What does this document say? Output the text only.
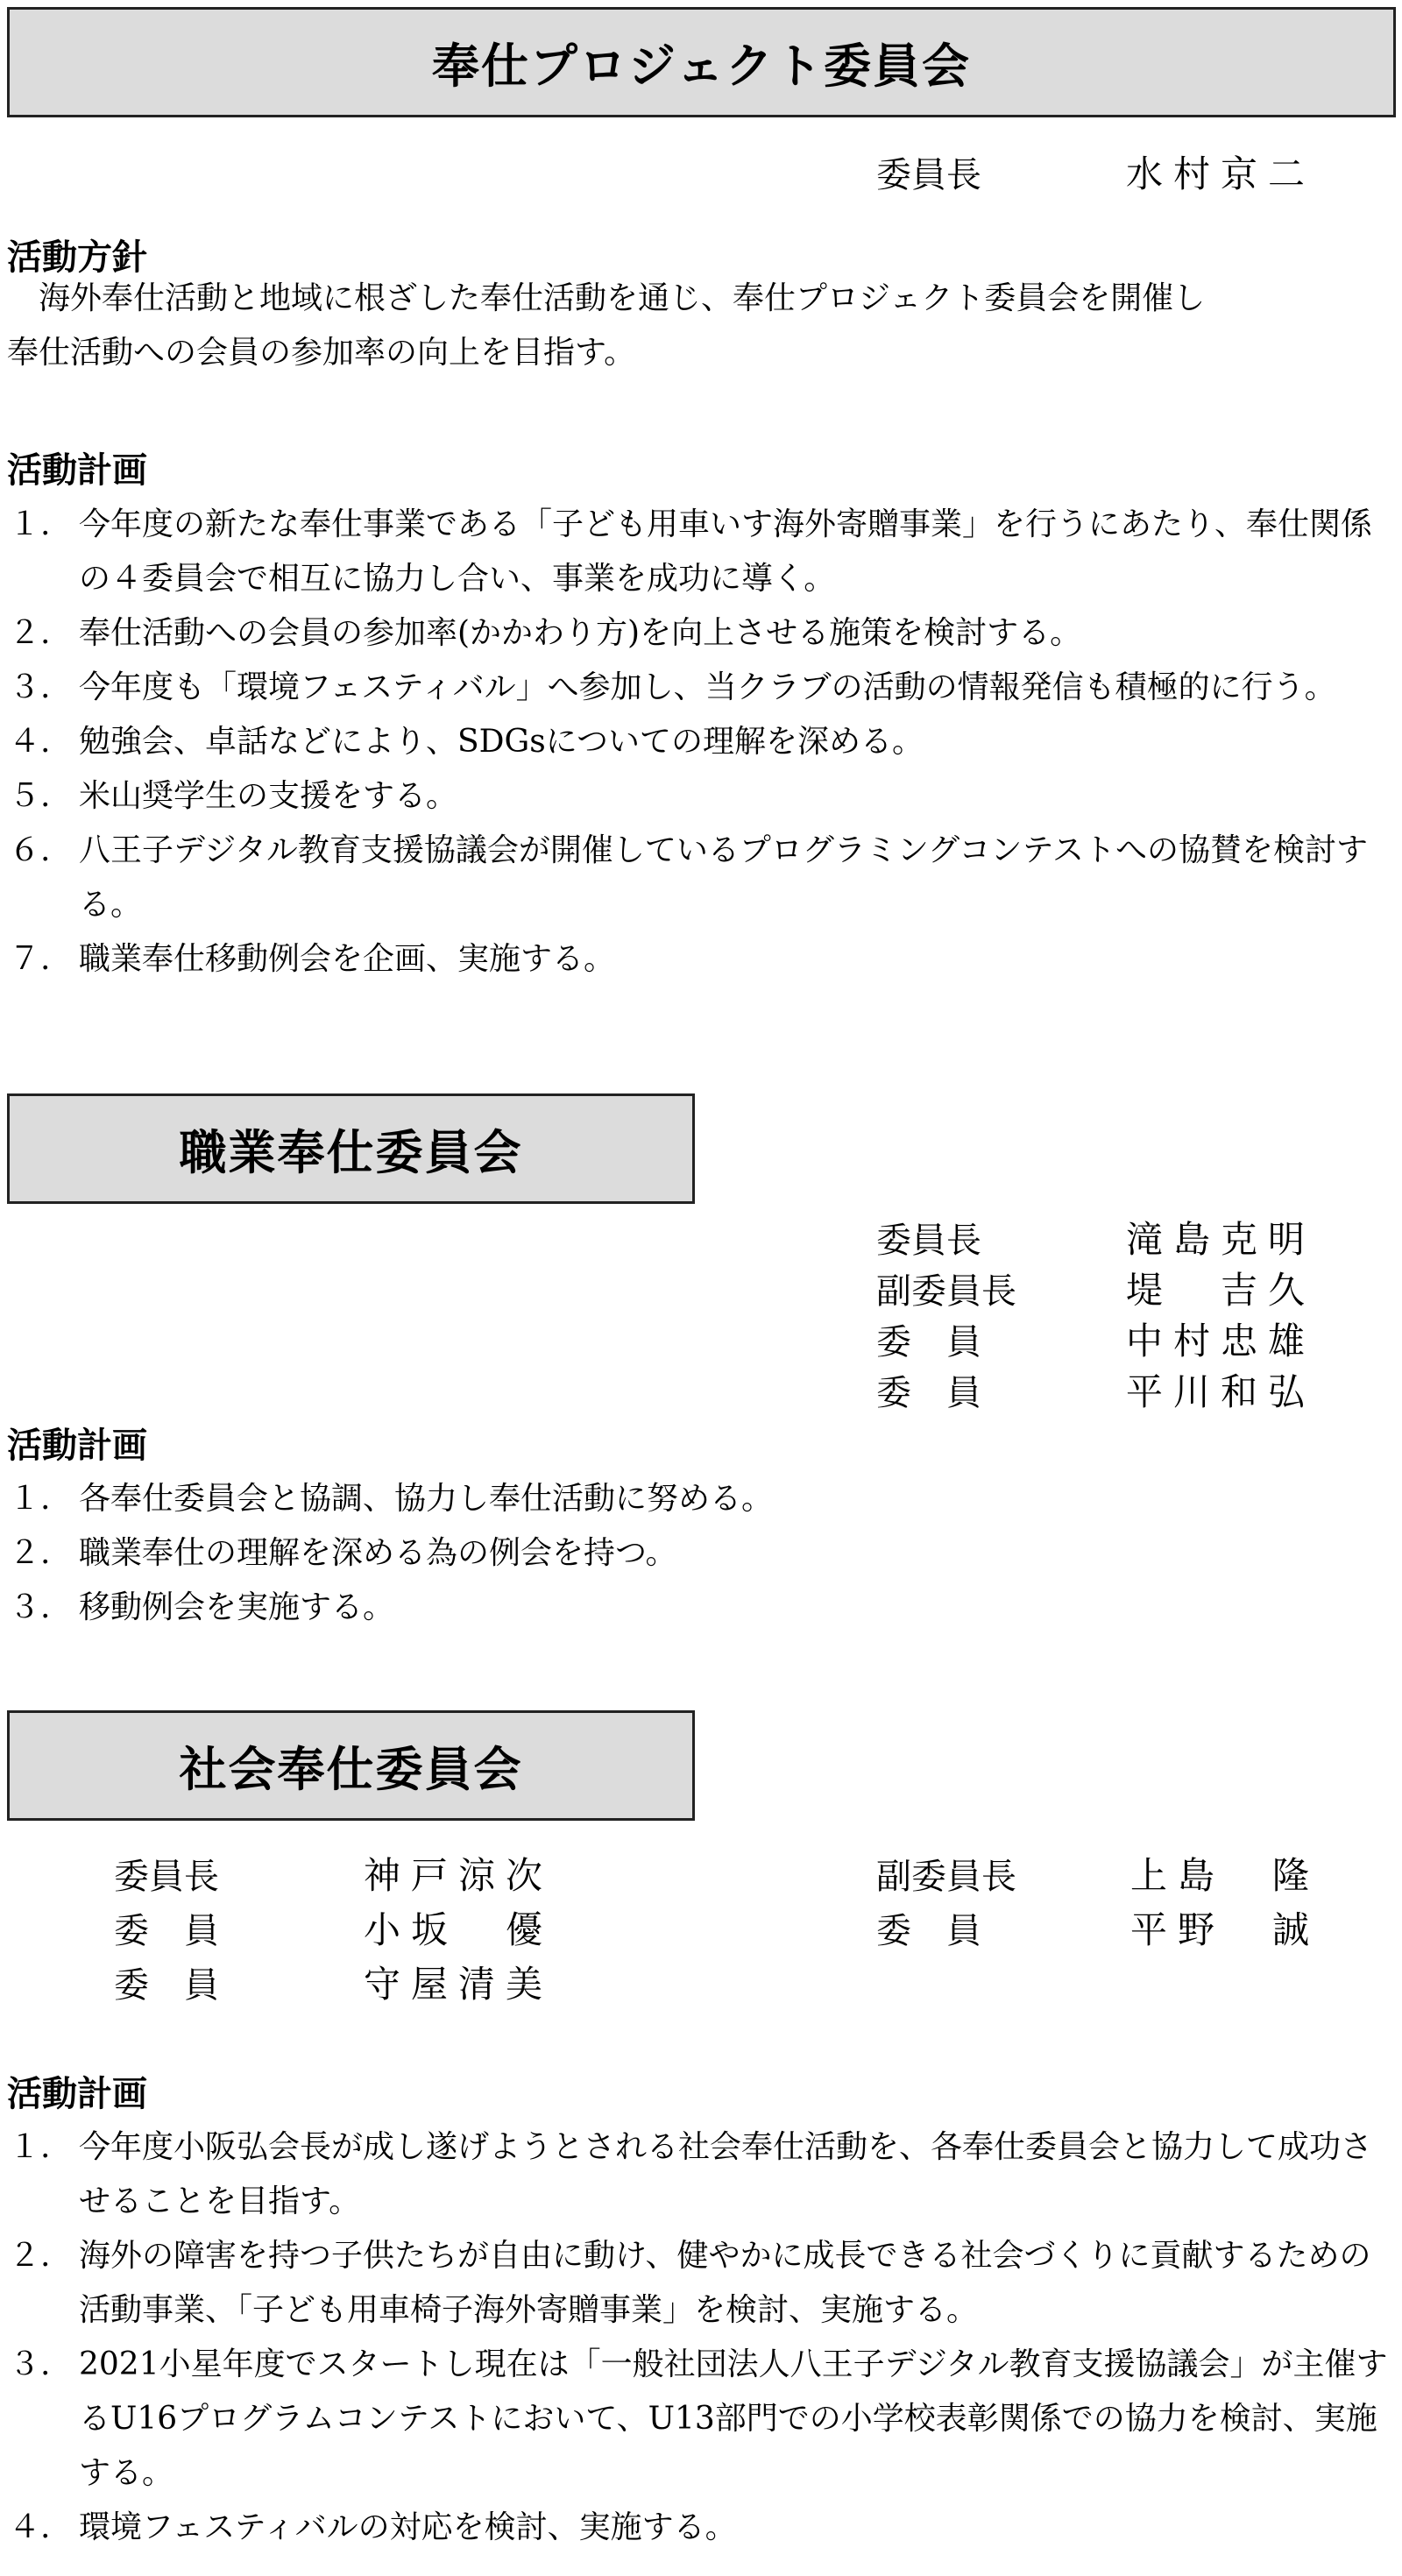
奉仕プロジェクト委員会
委員長	水村京二
活動方針
　海外奉仕活動と地域に根ざした奉仕活動を通じ、奉仕プロジェクト委員会を開催し
奉仕活動への会員の参加率の向上を目指す。
活動計画
１. 今年度の新たな奉仕事業である「子ども用車いす海外寄贈事業」を行うにあたり、奉仕関係の４委員会で相互に協力し合い、事業を成功に導く。
２. 奉仕活動への会員の参加率(かかわり方)を向上させる施策を検討する。
３. 今年度も「環境フェスティバル」へ参加し、当クラブの活動の情報発信も積極的に行う。
４. 勉強会、卓話などにより、SDGsについての理解を深める。
５. 米山奨学生の支援をする。
６. 八王子デジタル教育支援協議会が開催しているプログラミングコンテストへの協賛を検討する。
７. 職業奉仕移動例会を企画、実施する。
職業奉仕委員会
委員長	滝島克明
副委員長	堤　吉久
委　員	中村忠雄
委　員	平川和弘
活動計画
１. 各奉仕委員会と協調、協力し奉仕活動に努める。
２. 職業奉仕の理解を深める為の例会を持つ。
３. 移動例会を実施する。
社会奉仕委員会
委員長	神戸涼次
委　員	小坂　優
委　員	守屋清美
副委員長	上島　隆
委　員	平野　誠
活動計画
１. 今年度小阪弘会長が成し遂げようとされる社会奉仕活動を、各奉仕委員会と協力して成功させることを目指す。
２. 海外の障害を持つ子供たちが自由に動け、健やかに成長できる社会づくりに貢献するための活動事業、「子ども用車椅子海外寄贈事業」を検討、実施する。
３. 2021小星年度でスタートし現在は「一般社団法人八王子デジタル教育支援協議会」が主催するU16プログラムコンテストにおいて、U13部門での小学校表彰関係での協力を検討、実施する。
４. 環境フェスティバルの対応を検討、実施する。
